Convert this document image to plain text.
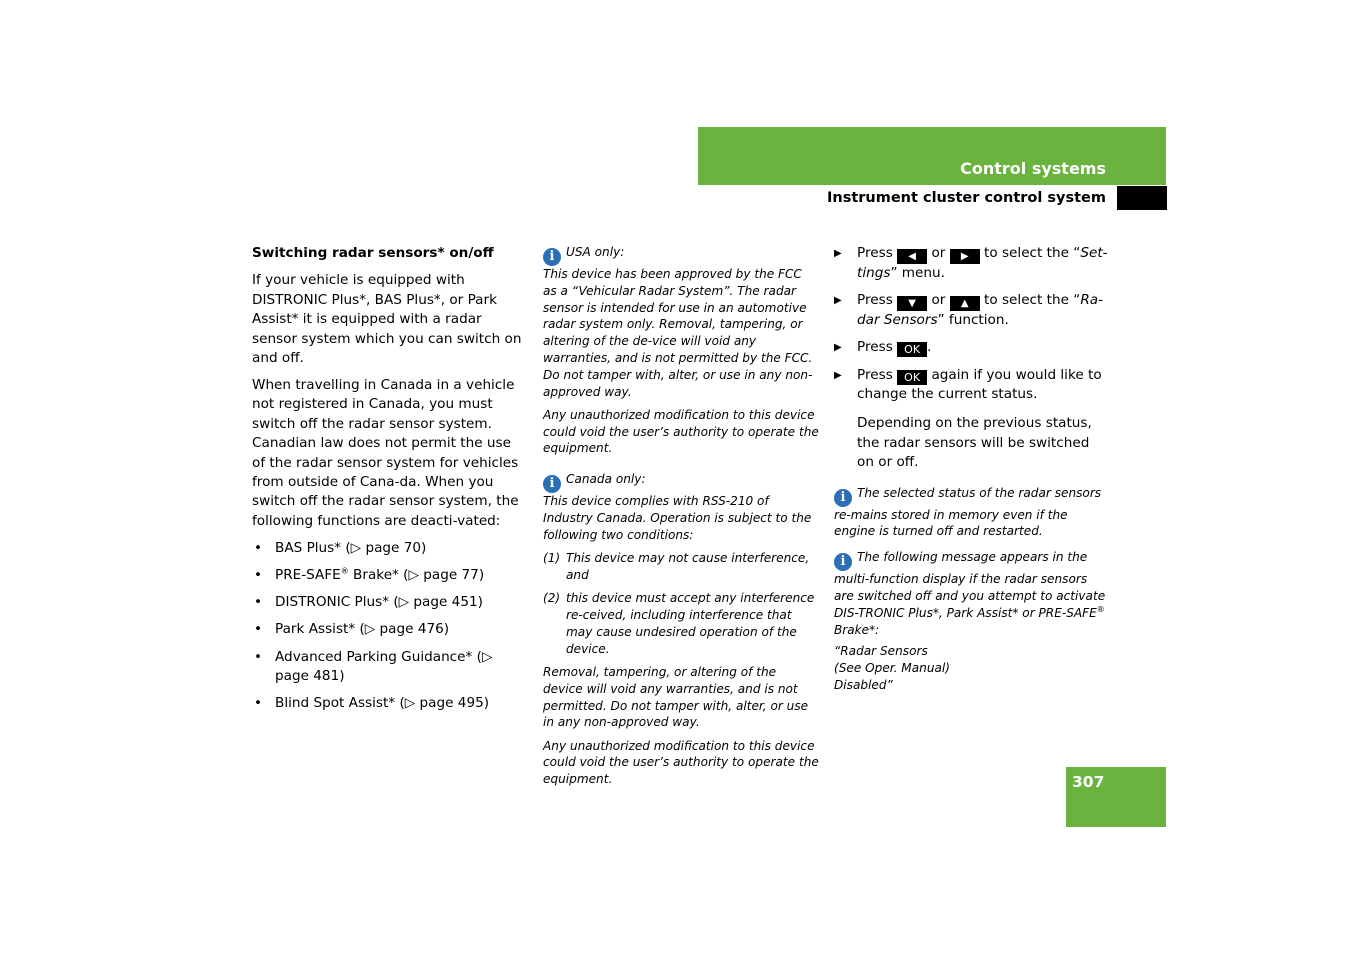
Control systems
Instrument cluster control system
Switching radar sensors* on/off

If your vehicle is equipped with DISTRONIC Plus*, BAS Plus*, or Park Assist* it is equipped with a radar sensor system which you can switch on and off.

When travelling in Canada in a vehicle not registered in Canada, you must switch off the radar sensor system. Canadian law does not permit the use of the radar sensor system for vehicles from outside of Cana-da. When you switch off the radar sensor system, the following functions are deacti-vated:

• BAS Plus* (▷ page 70)
• PRE-SAFE® Brake* (▷ page 77)
• DISTRONIC Plus* (▷ page 451)
• Park Assist* (▷ page 476)
• Advanced Parking Guidance* (▷ page 481)
• Blind Spot Assist* (▷ page 495)
i USA only:
This device has been approved by the FCC as a “Vehicular Radar System”. The radar sensor is intended for use in an automotive radar system only. Removal, tampering, or altering of the de-vice will void any warranties, and is not permitted by the FCC. Do not tamper with, alter, or use in any non-approved way.

Any unauthorized modification to this device could void the user’s authority to operate the equipment.

i Canada only:
This device complies with RSS-210 of Industry Canada. Operation is subject to the following two conditions:
(1) This device may not cause interference, and
(2) this device must accept any interference re-ceived, including interference that may cause undesired operation of the device.

Removal, tampering, or altering of the device will void any warranties, and is not permitted. Do not tamper with, alter, or use in any non-approved way.

Any unauthorized modification to this device could void the user’s authority to operate the equipment.

▶ Press ◀ or ▶ to select the “Set-tings” menu.
▶ Press ▼ or ▲ to select the “Ra-dar Sensors” function.
▶ Press OK .
▶ Press OK again if you would like to change the current status.

Depending on the previous status, the radar sensors will be switched on or off.

i The selected status of the radar sensors re-mains stored in memory even if the engine is turned off and restarted.

i The following message appears in the multi-function display if the radar sensors are switched off and you attempt to activate DIS-TRONIC Plus*, Park Assist* or PRE-SAFE®
Brake*:

“Radar Sensors
(See Oper. Manual)
Disabled”
307
